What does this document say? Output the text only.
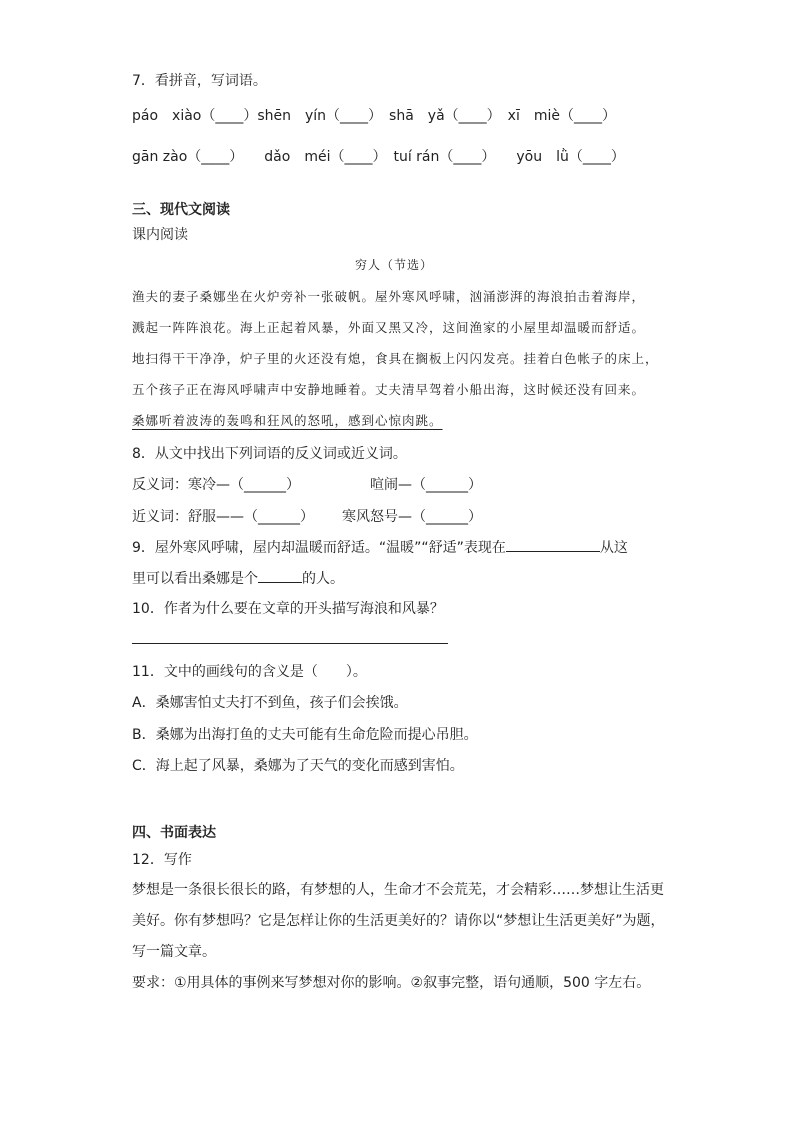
7．看拼音，写词语。
páo　xiào（____）shēn　yín（____）　shā　yǎ（____）　xī　miè（____）
gān zào（____）　　dǎo　méi（____）　tuí rán（____）　　yōu　lǜ（____）
三、现代文阅读
课内阅读
穷人（节选）
渔夫的妻子桑娜坐在火炉旁补一张破帆。屋外寒风呼啸，汹涌澎湃的海浪拍击着海岸，
溅起一阵阵浪花。海上正起着风暴，外面又黑又冷，这间渔家的小屋里却温暖而舒适。
地扫得干干净净，炉子里的火还没有熄，食具在搁板上闪闪发亮。挂着白色帐子的床上，
五个孩子正在海风呼啸声中安静地睡着。丈夫清早驾着小船出海，这时候还没有回来。
桑娜听着波涛的轰鸣和狂风的怒吼，感到心惊肉跳。
8．从文中找出下列词语的反义词或近义词。
反义词：寒冷—（______）	喧闹—（______）
近义词：舒服——（______） 寒风怒号—（______）
9．屋外寒风呼啸，屋内却温暖而舒适。“温暖”“舒适”表现在	从这
里可以看出桑娜是个	的人。
10．作者为什么要在文章的开头描写海浪和风暴？
11．文中的画线句的含义是（　　）。
A．桑娜害怕丈夫打不到鱼，孩子们会挨饿。
B．桑娜为出海打鱼的丈夫可能有生命危险而提心吊胆。
C．海上起了风暴，桑娜为了天气的变化而感到害怕。
四、书面表达
12．写作
梦想是一条很长很长的路，有梦想的人，生命才不会荒芜，才会精彩……梦想让生活更
美好。你有梦想吗？它是怎样让你的生活更美好的？请你以“梦想让生活更美好”为题，
写一篇文章。
要求：①用具体的事例来写梦想对你的影响。②叙事完整，语句通顺，500 字左右。
